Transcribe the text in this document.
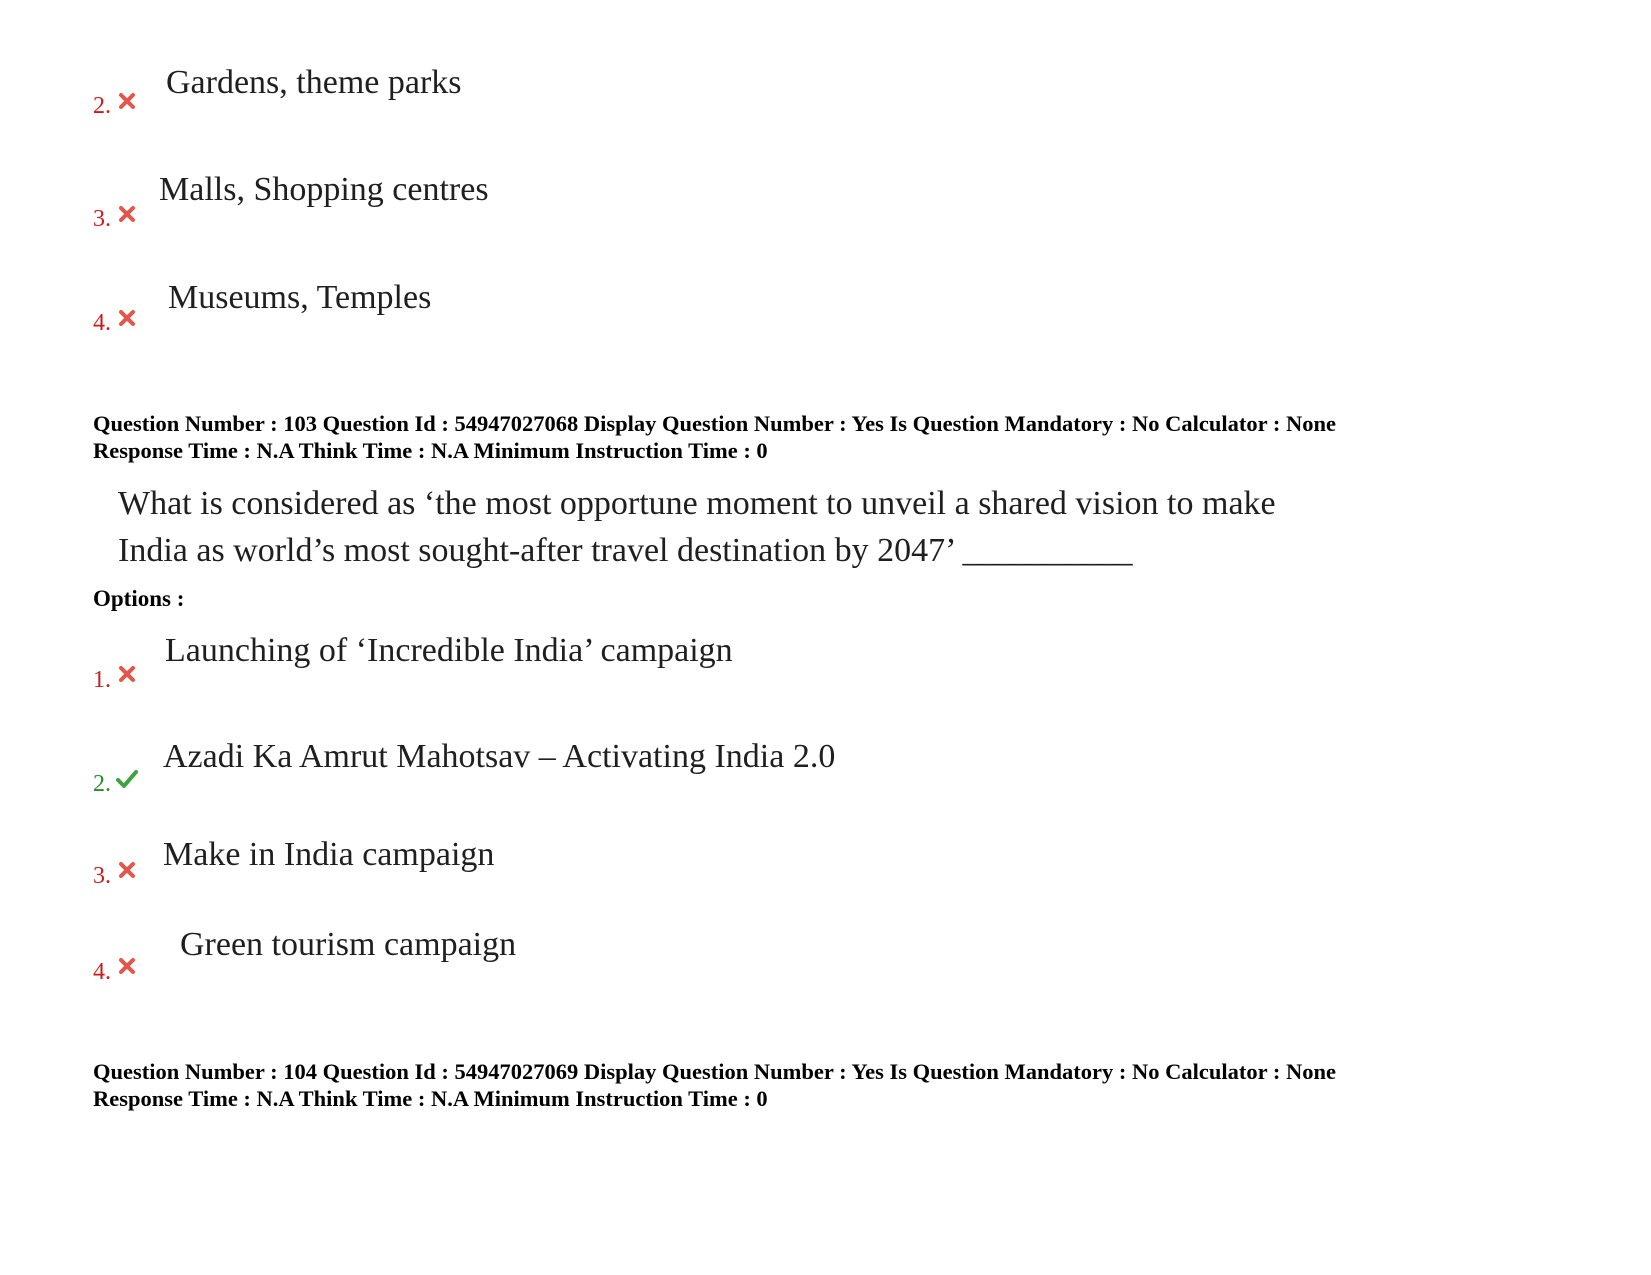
2.
Gardens, theme parks
3.
Malls, Shopping centres
4.
Museums, Temples
Question Number : 103 Question Id : 54947027068 Display Question Number : Yes Is Question Mandatory : No Calculator : None
Response Time : N.A Think Time : N.A Minimum Instruction Time : 0
What is considered as ‘the most opportune moment to unveil a shared vision to make
India as world’s most sought-after travel destination by 2047’ __________
Options :
1.
Launching of ‘Incredible India’ campaign
2.
Azadi Ka Amrut Mahotsav – Activating India 2.0
3.
Make in India campaign
4.
Green tourism campaign
Question Number : 104 Question Id : 54947027069 Display Question Number : Yes Is Question Mandatory : No Calculator : None
Response Time : N.A Think Time : N.A Minimum Instruction Time : 0
